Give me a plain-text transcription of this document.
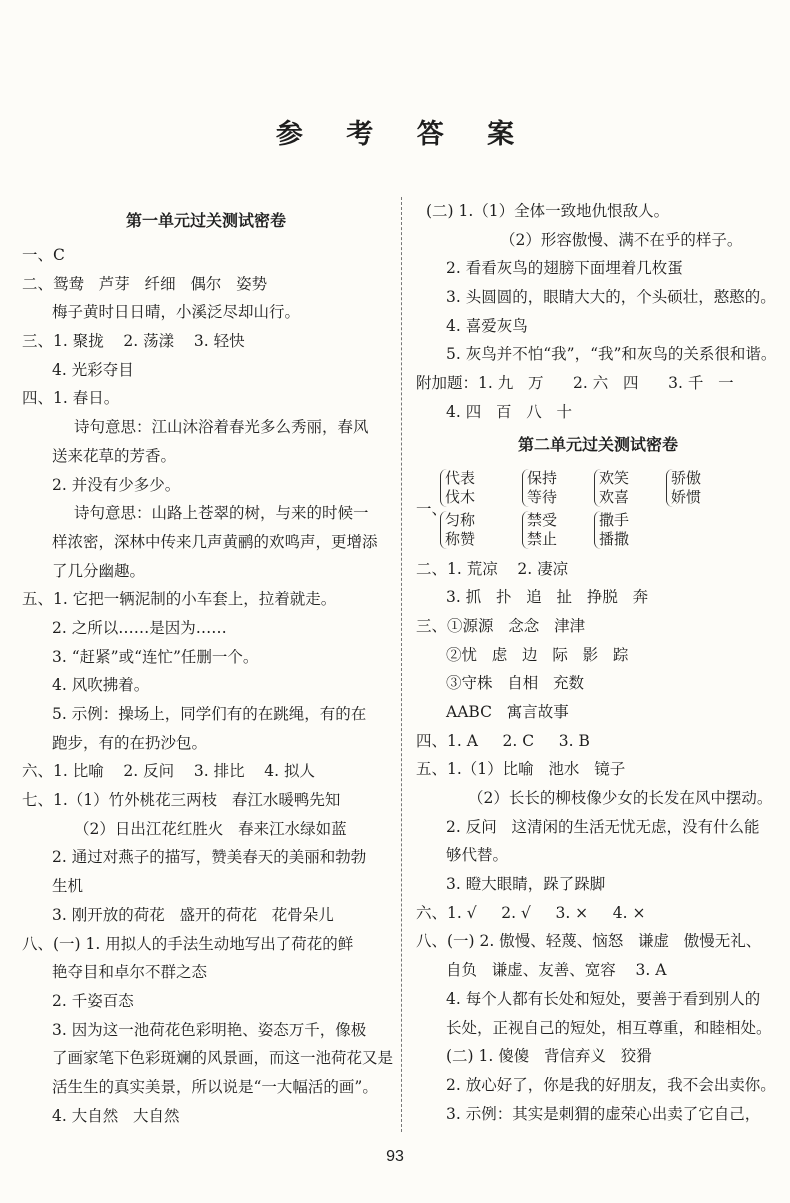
参 考 答 案
第一单元过关测试密卷
一、C
二、鸳鸯   芦芽   纤细   偶尔   姿势
梅子黄时日日晴，小溪泛尽却山行。
三、1. 聚拢    2. 荡漾    3. 轻快
4. 光彩夺目
四、1. 春日。
诗句意思：江山沐浴着春光多么秀丽，春风
送来花草的芳香。
2. 并没有少多少。
诗句意思：山路上苍翠的树，与来的时候一
样浓密，深林中传来几声黄鹂的欢鸣声，更增添
了几分幽趣。
五、1. 它把一辆泥制的小车套上，拉着就走。
2. 之所以……是因为……
3. “赶紧”或“连忙”任删一个。
4. 风吹拂着。
5. 示例：操场上，同学们有的在跳绳，有的在
跑步，有的在扔沙包。
六、1. 比喻    2. 反问    3. 排比    4. 拟人
七、1.（1）竹外桃花三两枝   春江水暖鸭先知
（2）日出江花红胜火   春来江水绿如蓝
2. 通过对燕子的描写，赞美春天的美丽和勃勃
生机
3. 刚开放的荷花   盛开的荷花   花骨朵儿
八、(一) 1. 用拟人的手法生动地写出了荷花的鲜
艳夺目和卓尔不群之态
2. 千姿百态
3. 因为这一池荷花色彩明艳、姿态万千，像极
了画家笔下色彩斑斓的风景画，而这一池荷花又是
活生生的真实美景，所以说是“一大幅活的画”。
4. 大自然   大自然
(二) 1.（1）全体一致地仇恨敌人。
（2）形容傲慢、满不在乎的样子。
2. 看看灰鸟的翅膀下面埋着几枚蛋
3. 头圆圆的，眼睛大大的，个头硕壮，憨憨的。
4. 喜爱灰鸟
5. 灰鸟并不怕“我”，“我”和灰鸟的关系很和谐。
附加题：1. 九   万      2. 六   四      3. 千   一
4. 四   百   八   十
第二单元过关测试密卷
一、
代表
伐木
保持
等待
欢笑
欢喜
骄傲
娇惯
匀称
称赞
禁受
禁止
撒手
播撒
二、1. 荒凉    2. 凄凉
3. 抓   扑   追   扯   挣脱   奔
三、①源源   念念   津津
②忧   虑   边   际   影   踪
③守株   自相   充数
AABC   寓言故事
四、1. A     2. C     3. B
五、1.（1）比喻   池水   镜子
（2）长长的柳枝像少女的长发在风中摆动。
2. 反问   这清闲的生活无忧无虑，没有什么能
够代替。
3. 瞪大眼睛，跺了跺脚
六、1. √     2. √     3. ×     4. ×
八、(一) 2. 傲慢、轻蔑、恼怒   谦虚   傲慢无礼、
自负   谦虚、友善、宽容    3. A
4. 每个人都有长处和短处，要善于看到别人的
长处，正视自己的短处，相互尊重，和睦相处。
(二) 1. 傻傻   背信弃义   狡猾
2. 放心好了，你是我的好朋友，我不会出卖你。
3. 示例：其实是刺猬的虚荣心出卖了它自己，
93
